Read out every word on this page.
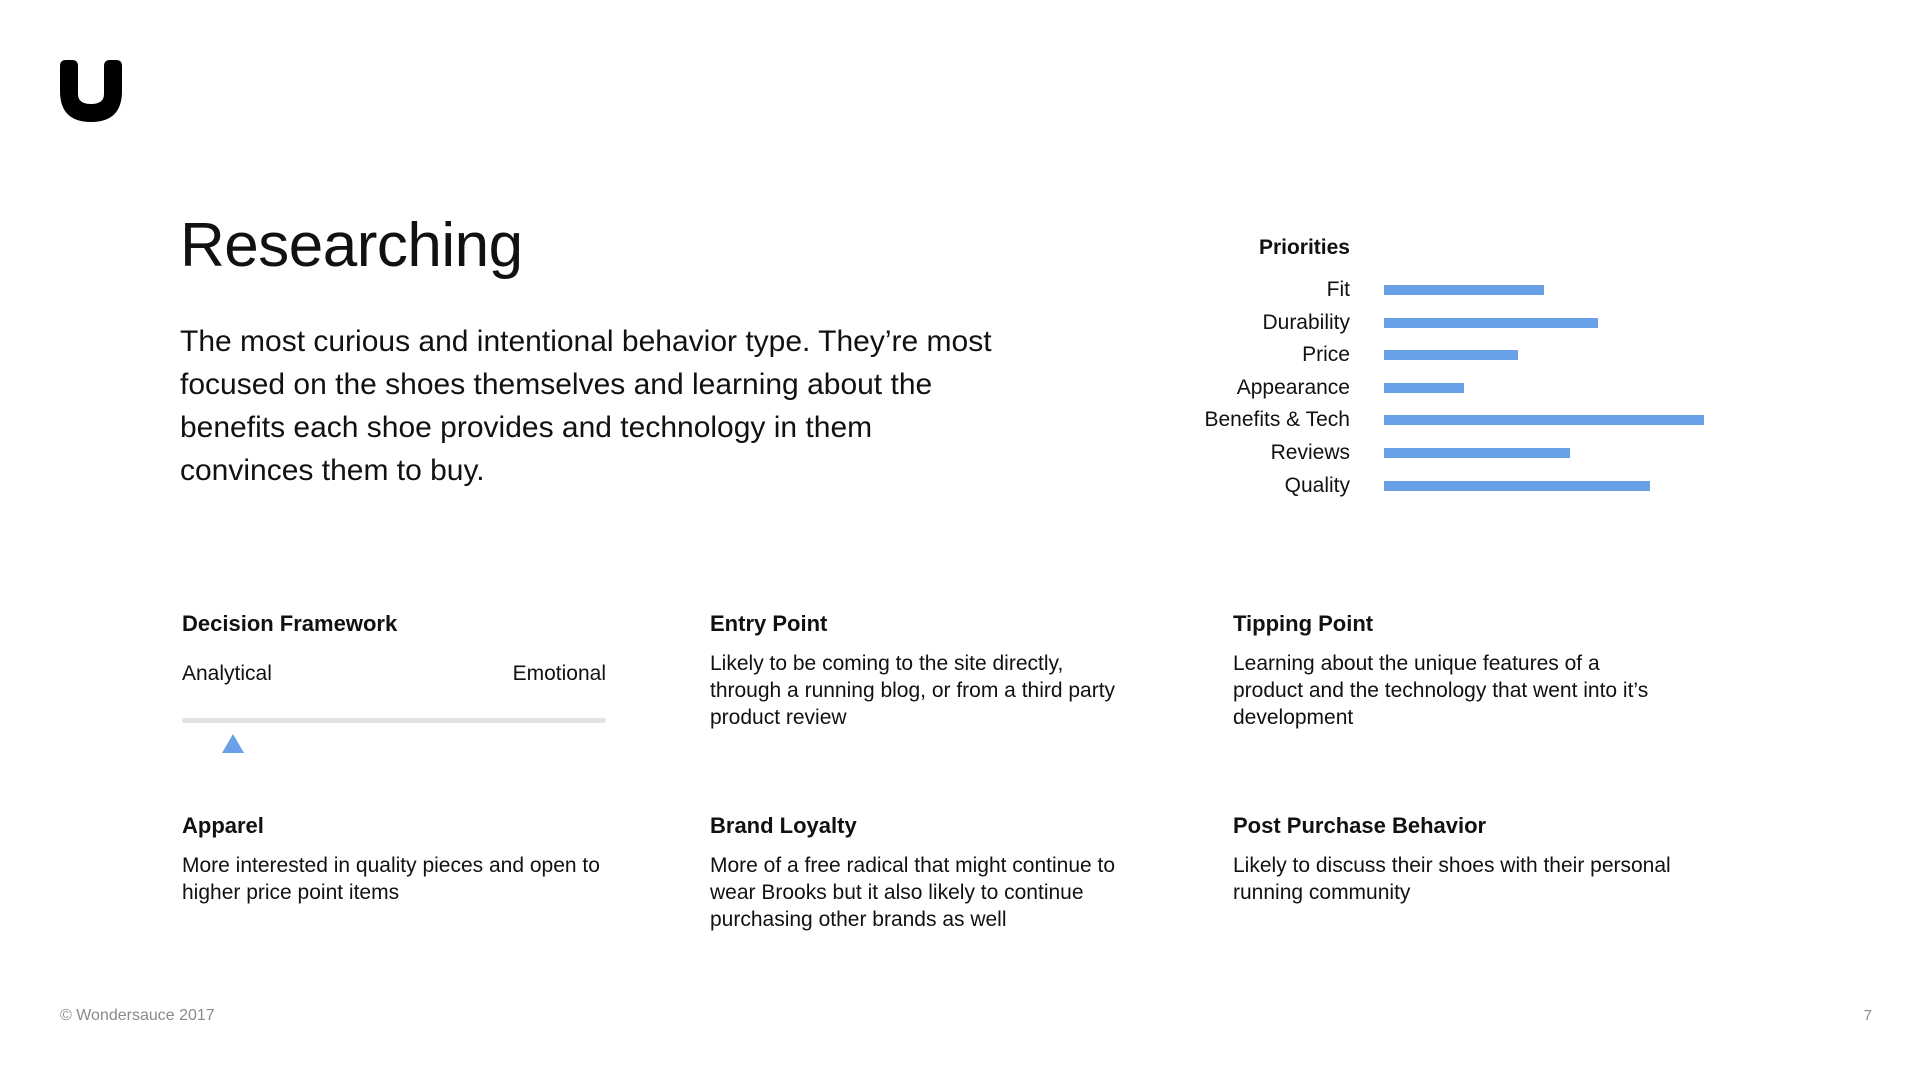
Researching

The most curious and intentional behavior type. They’re most focused on the shoes themselves and learning about the benefits each shoe provides and technology in them convinces them to buy.

Priorities
Fit
Durability
Price
Appearance
Benefits & Tech
Reviews
Quality
Decision Framework
Analytical	Emotional
Entry Point

Likely to be coming to the site directly, through a running blog, or from a third party product review

Tipping Point

Learning about the unique features of a product and the technology that went into it’s development

Apparel

More interested in quality pieces and open to higher price point items

Brand Loyalty

More of a free radical that might continue to wear Brooks but it also likely to continue purchasing other brands as well

Post Purchase Behavior

Likely to discuss their shoes with their personal running community

© Wondersauce 2017	7
